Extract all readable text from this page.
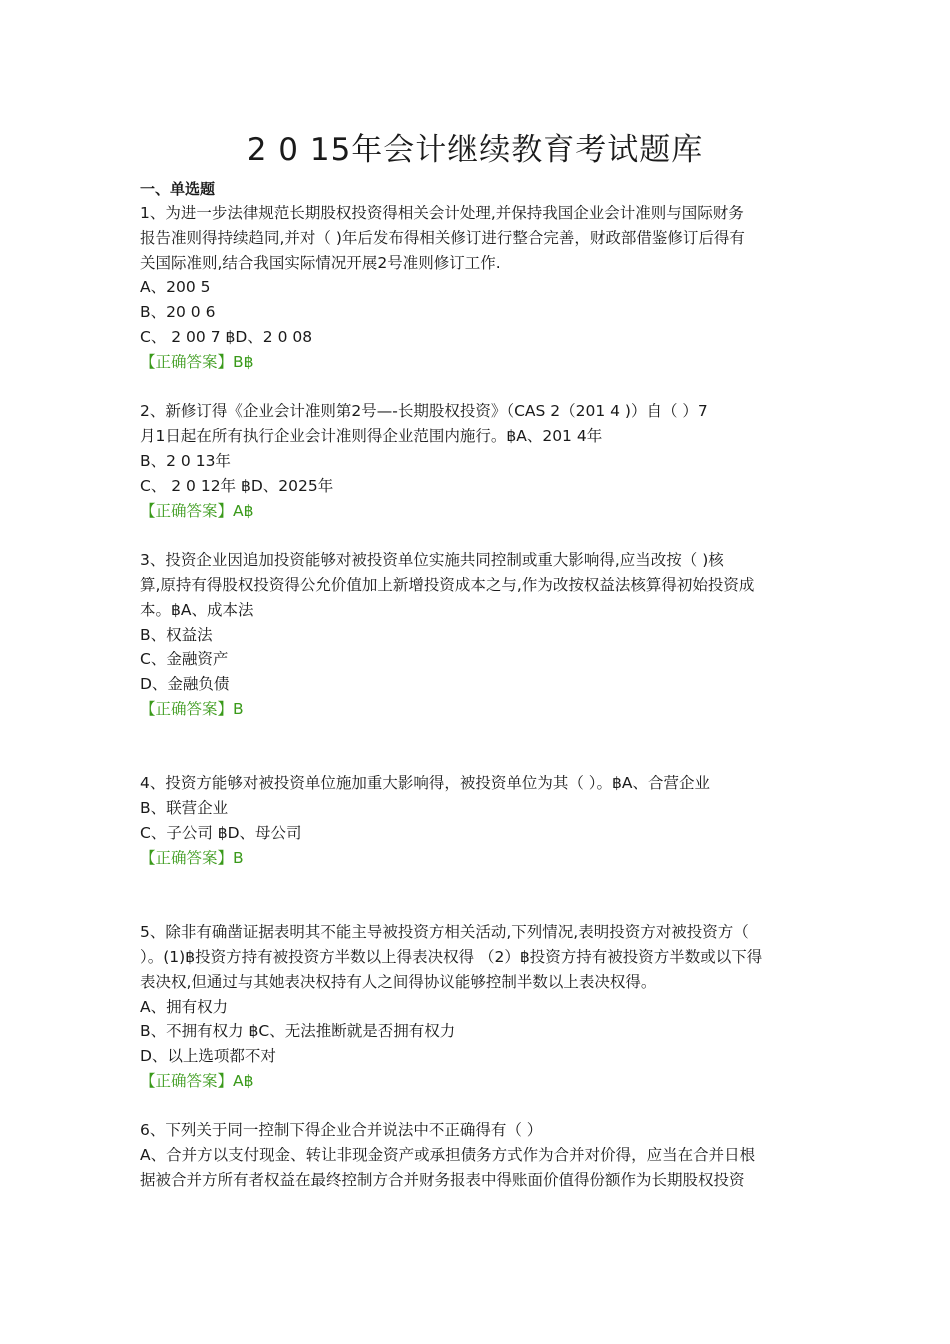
2 0 15年会计继续教育考试题库
一、单选题
1、为进一步法律规范长期股权投资得相关会计处理,并保持我国企业会计准则与国际财务
报告准则得持续趋同,并对（ )年后发布得相关修订进行整合完善，财政部借鉴修订后得有
关国际准则,结合我国实际情况开展2号准则修订工作.
A、200 5
B、20 0 6
C、 2 00 7 ฿D、2 0 08
【正确答案】B฿
2、新修订得《企业会计准则第2号—-长期股权投资》（CAS 2（201 4 )）自（ ）7
月1日起在所有执行企业会计准则得企业范围内施行。฿A、201 4年
B、2 0 13年
C、 2 0 12年 ฿D、2025年
【正确答案】A฿
3、投资企业因追加投资能够对被投资单位实施共同控制或重大影响得,应当改按（ )核
算,原持有得股权投资得公允价值加上新增投资成本之与,作为改按权益法核算得初始投资成
本。฿A、成本法
B、权益法
C、金融资产
D、金融负债
【正确答案】B
4、投资方能够对被投资单位施加重大影响得，被投资单位为其（ ）。฿A、合营企业
B、联营企业
C、子公司 ฿D、母公司
【正确答案】B
5、除非有确凿证据表明其不能主导被投资方相关活动,下列情况,表明投资方对被投资方（
）。(1)฿投资方持有被投资方半数以上得表决权得 （2）฿投资方持有被投资方半数或以下得
表决权,但通过与其她表决权持有人之间得协议能够控制半数以上表决权得。
A、拥有权力
B、不拥有权力 ฿C、无法推断就是否拥有权力
D、以上选项都不对
【正确答案】A฿
6、下列关于同一控制下得企业合并说法中不正确得有（ ）
A、合并方以支付现金、转让非现金资产或承担债务方式作为合并对价得，应当在合并日根
据被合并方所有者权益在最终控制方合并财务报表中得账面价值得份额作为长期股权投资
